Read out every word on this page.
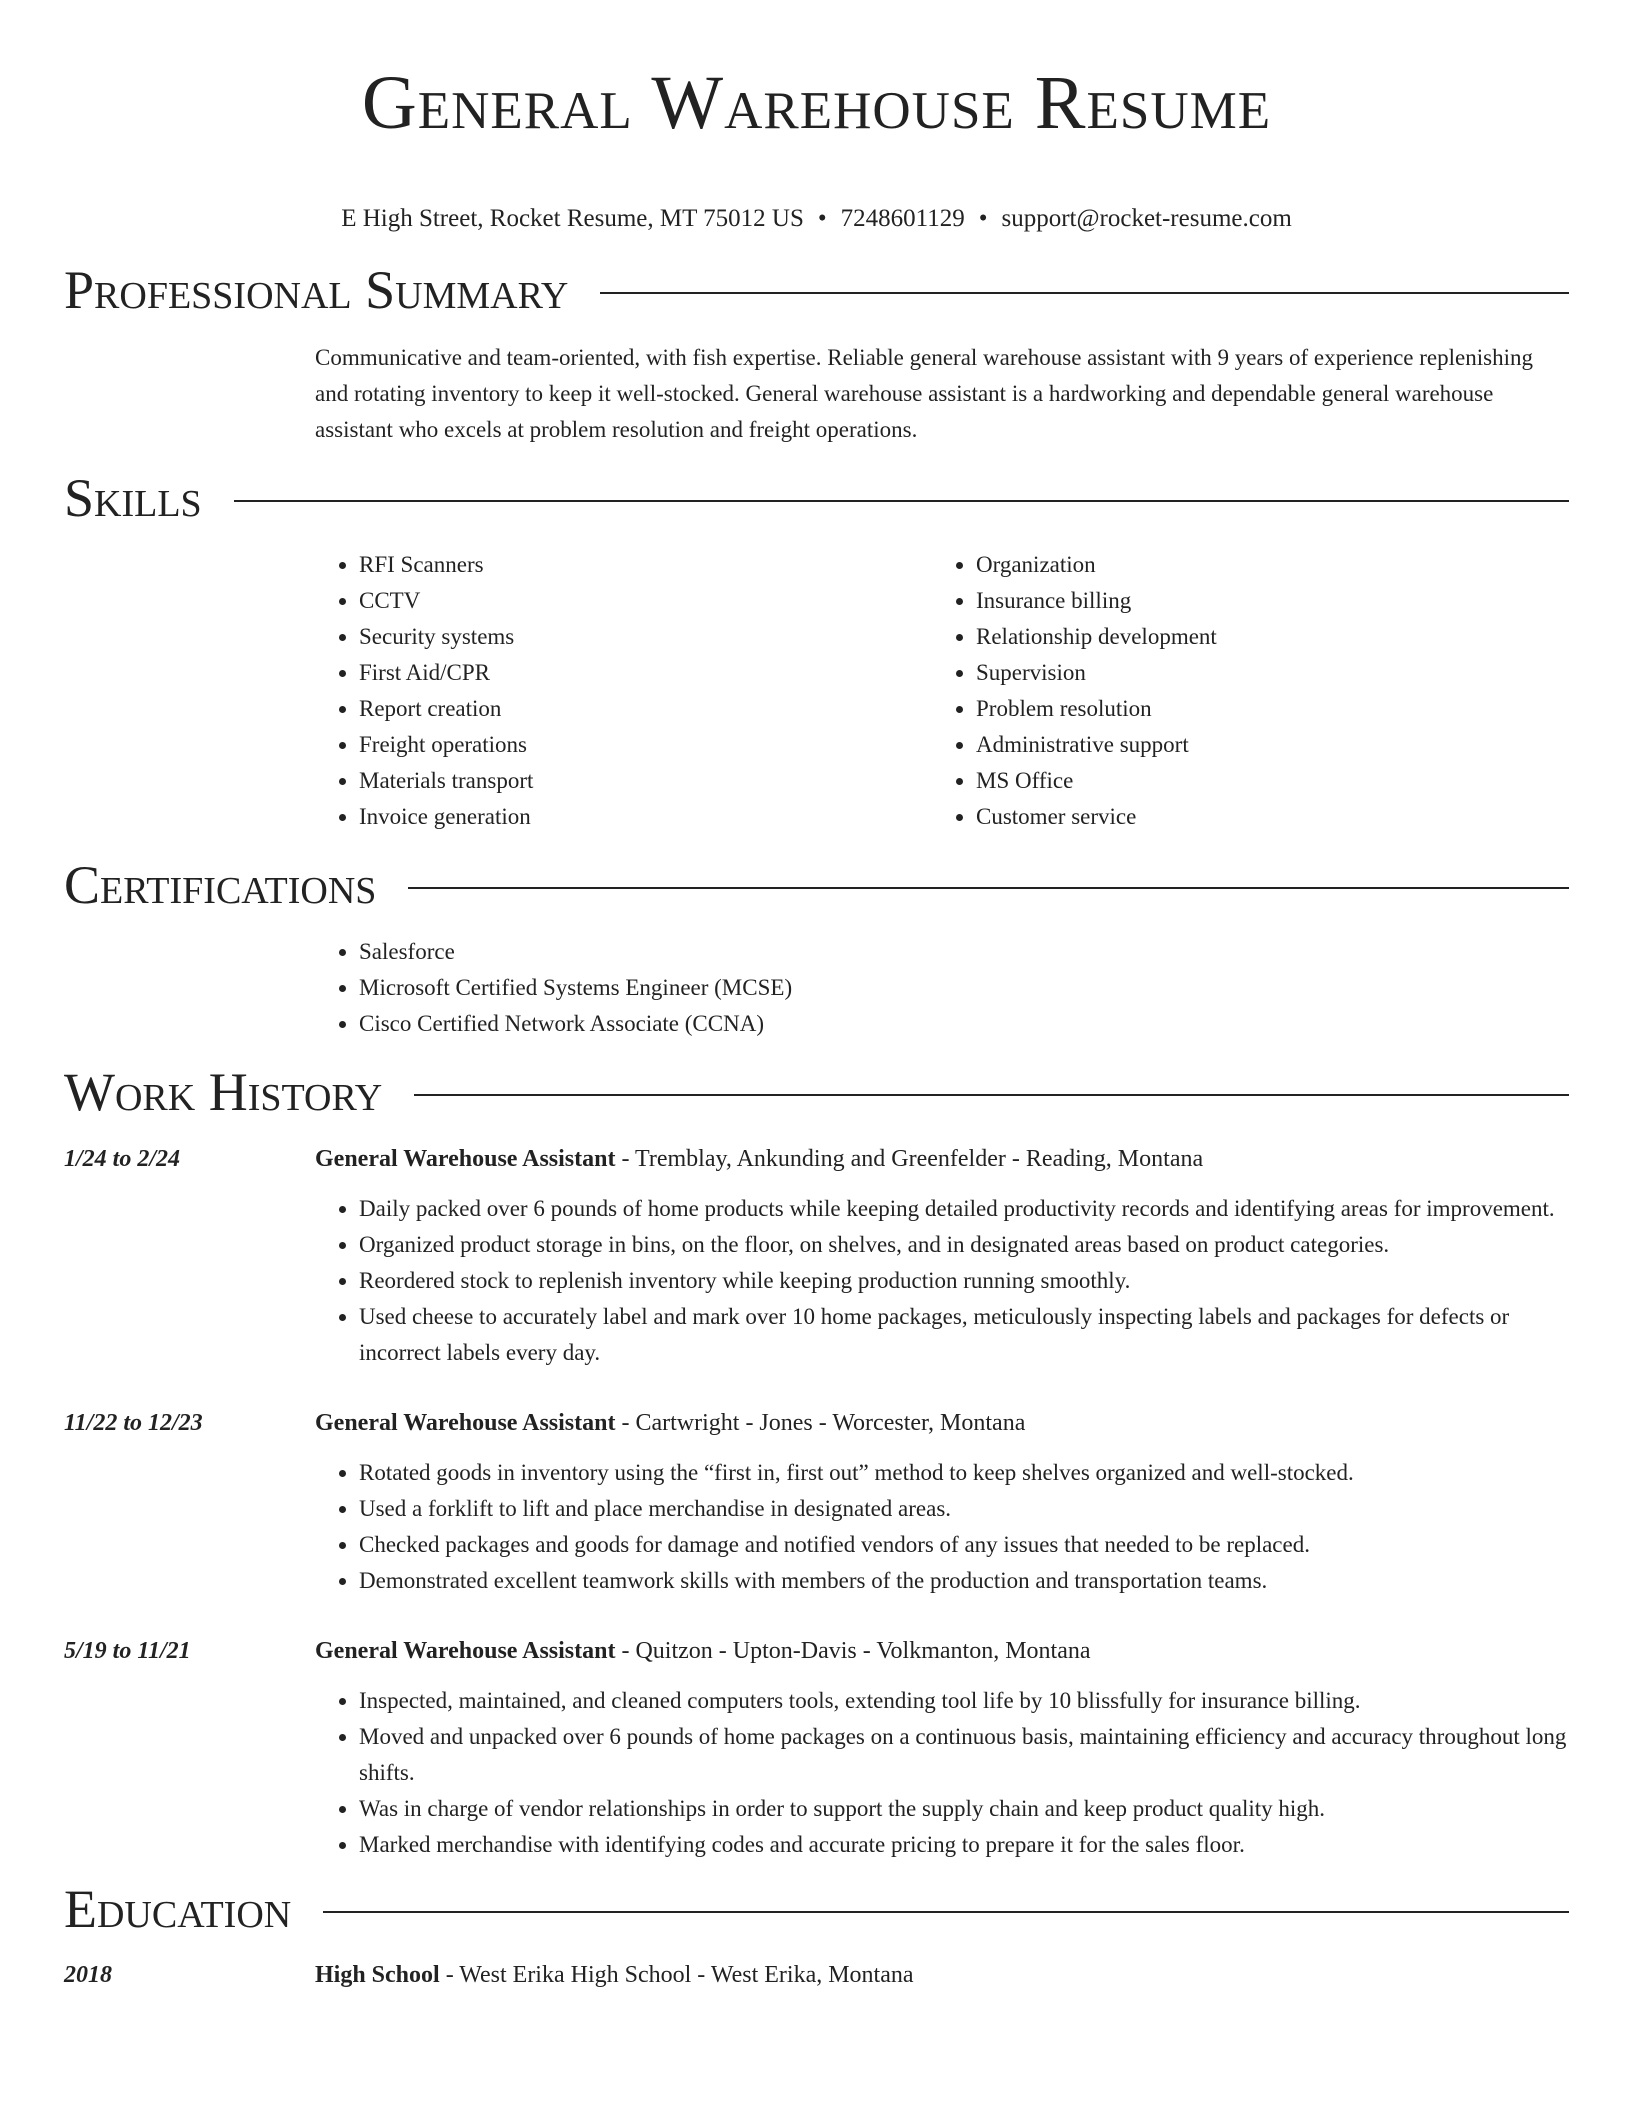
General Warehouse Resume
E High Street, Rocket Resume, MT 75012 US • 7248601129 • support@rocket-resume.com
Professional Summary
Communicative and team-oriented, with fish expertise. Reliable general warehouse assistant with 9 years of experience replenishing and rotating inventory to keep it well-stocked. General warehouse assistant is a hardworking and dependable general warehouse assistant who excels at problem resolution and freight operations.
Skills
• RFI Scanners
• CCTV
• Security systems
• First Aid/CPR
• Report creation
• Freight operations
• Materials transport
• Invoice generation
• Organization
• Insurance billing
• Relationship development
• Supervision
• Problem resolution
• Administrative support
• MS Office
• Customer service
Certifications
• Salesforce
• Microsoft Certified Systems Engineer (MCSE)
• Cisco Certified Network Associate (CCNA)
Work History
1/24 to 2/24	General Warehouse Assistant - Tremblay, Ankunding and Greenfelder - Reading, Montana
• Daily packed over 6 pounds of home products while keeping detailed productivity records and identifying areas for improvement.
• Organized product storage in bins, on the floor, on shelves, and in designated areas based on product categories.
• Reordered stock to replenish inventory while keeping production running smoothly.
• Used cheese to accurately label and mark over 10 home packages, meticulously inspecting labels and packages for defects or incorrect labels every day.
11/22 to 12/23	General Warehouse Assistant - Cartwright - Jones - Worcester, Montana
• Rotated goods in inventory using the “first in, first out” method to keep shelves organized and well-stocked.
• Used a forklift to lift and place merchandise in designated areas.
• Checked packages and goods for damage and notified vendors of any issues that needed to be replaced.
• Demonstrated excellent teamwork skills with members of the production and transportation teams.
5/19 to 11/21	General Warehouse Assistant - Quitzon - Upton-Davis - Volkmanton, Montana
• Inspected, maintained, and cleaned computers tools, extending tool life by 10 blissfully for insurance billing.
• Moved and unpacked over 6 pounds of home packages on a continuous basis, maintaining efficiency and accuracy throughout long shifts.
• Was in charge of vendor relationships in order to support the supply chain and keep product quality high.
• Marked merchandise with identifying codes and accurate pricing to prepare it for the sales floor.
Education
2018	High School - West Erika High School - West Erika, Montana
